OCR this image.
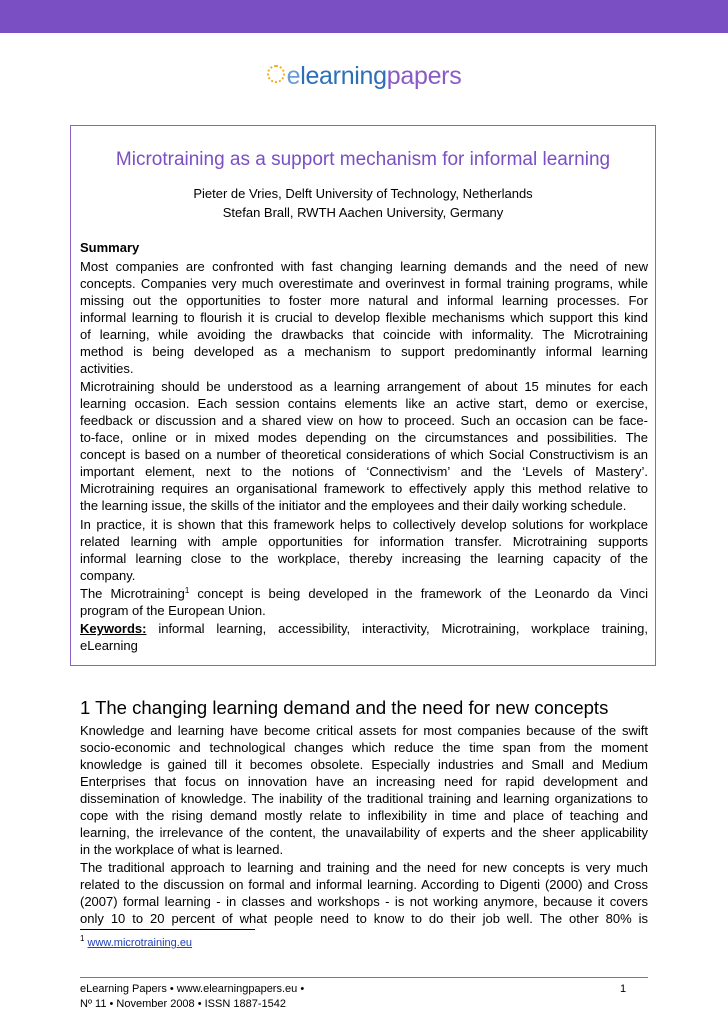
elearningpapers
Microtraining as a support mechanism for informal learning
Pieter de Vries, Delft University of Technology, Netherlands
Stefan Brall, RWTH Aachen University, Germany
Summary
Most companies are confronted with fast changing learning demands and the need of new
concepts. Companies very much overestimate and overinvest in formal training programs, while
missing out the opportunities to foster more natural and informal learning processes. For
informal learning to flourish it is crucial to develop flexible mechanisms which support this kind
of learning, while avoiding the drawbacks that coincide with informality. The Microtraining
method is being developed as a mechanism to support predominantly informal learning
activities.
Microtraining should be understood as a learning arrangement of about 15 minutes for each
learning occasion. Each session contains elements like an active start, demo or exercise,
feedback or discussion and a shared view on how to proceed. Such an occasion can be face-
to-face, online or in mixed modes depending on the circumstances and possibilities. The
concept is based on a number of theoretical considerations of which Social Constructivism is an
important element, next to the notions of ‘Connectivism’ and the ‘Levels of Mastery’.
Microtraining requires an organisational framework to effectively apply this method relative to
the learning issue, the skills of the initiator and the employees and their daily working schedule.
In practice, it is shown that this framework helps to collectively develop solutions for workplace
related learning with ample opportunities for information transfer. Microtraining supports
informal learning close to the workplace, thereby increasing the learning capacity of the
company.
The Microtraining$^1$ concept is being developed in the framework of the Leonardo da Vinci
program of the European Union.
Keywords: informal learning, accessibility, interactivity, Microtraining, workplace training,
eLearning
1 The changing learning demand and the need for new concepts
Knowledge and learning have become critical assets for most companies because of the swift
socio-economic and technological changes which reduce the time span from the moment
knowledge is gained till it becomes obsolete. Especially industries and Small and Medium
Enterprises that focus on innovation have an increasing need for rapid development and
dissemination of knowledge. The inability of the traditional training and learning organizations to
cope with the rising demand mostly relate to inflexibility in time and place of teaching and
learning, the irrelevance of the content, the unavailability of experts and the sheer applicability
in the workplace of what is learned.
The traditional approach to learning and training and the need for new concepts is very much
related to the discussion on formal and informal learning. According to Digenti (2000) and Cross
(2007) formal learning - in classes and workshops - is not working anymore, because it covers
only 10 to 20 percent of what people need to know to do their job well. The other 80% is
$^1$ www.microtraining.eu
eLearning Papers • www.elearningpapers.eu •
Nº 11 • November 2008 • ISSN 1887-1542
1
